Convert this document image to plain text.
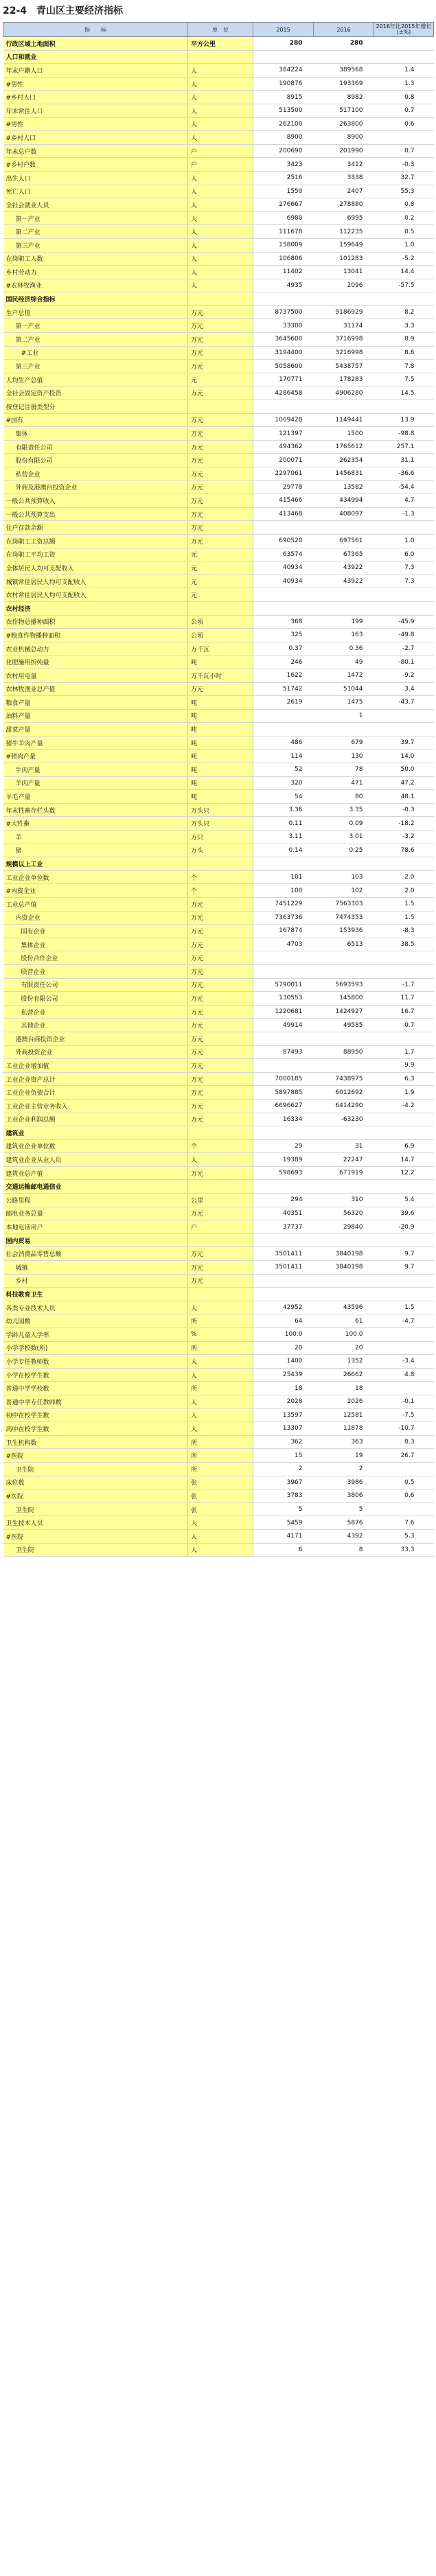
22-4　青山区主要经济指标
指　　标	单　位	2015	2016	2016年比2015年增长(±%)
行政区域土地面积	平方公里	280	280	
人口和就业				
年末户籍人口	人	384224	389568	1.4
#男性	人	190876	193369	1.3
#乡村人口	人	8915	8982	0.8
年末常住人口	人	513500	517100	0.7
#男性	人	262100	263800	0.6
#乡村人口	人	8900	8900	
年末总户数	户	200690	201990	0.7
#乡村户数	户	3423	3412	-0.3
出生人口	人	2516	3338	32.7
死亡人口	人	1550	2407	55.3
全社会就业人员	人	276667	278880	0.8
第一产业	人	6980	6995	0.2
第二产业	人	111678	112235	0.5
第三产业	人	158009	159649	1.0
在岗职工人数	人	106806	101283	-5.2
乡村劳动力	人	11402	13041	14.4
#农林牧渔业	人	4935	2096	-57.5
国民经济综合指标				
生产总值	万元	8737500	9186929	8.2
第一产业	万元	33300	31174	3.3
第二产业	万元	3645600	3716998	8.9
#工业	万元	3194400	3216998	8.6
第三产业	万元	5058600	5438757	7.8
人均生产总值	元	170771	178283	7.5
全社会固定资产投资	万元	4286458	4906280	14.5
按登记注册类型分				
#国有	万元	1009428	1149441	13.9
集体	万元	121397	1500	-98.8
有限责任公司	万元	494362	1765612	257.1
股份有限公司	万元	200071	262354	31.1
私营企业	万元	2297061	1456831	-36.6
外商及港澳台投资企业	万元	29778	13582	-54.4
一般公共预算收入	万元	415466	434994	4.7
一般公共预算支出	万元	413468	408097	-1.3
住户存款余额	万元			
在岗职工工资总额	万元	690520	697561	1.0
在岗职工平均工资	元	63574	67365	6.0
全体居民人均可支配收入	元	40934	43922	7.3
城镇常住居民人均可支配收入	元	40934	43922	7.3
农村常住居民人均可支配收入	元			
农村经济				
农作物总播种面积	公顷	368	199	-45.9
#粮食作物播种面积	公顷	325	163	-49.8
农业机械总动力	万千瓦	0.37	0.36	-2.7
化肥施用折纯量	吨	246	49	-80.1
农村用电量	万千瓦小时	1622	1472	-9.2
农林牧渔业总产值	万元	51742	51044	3.4
粮食产量	吨	2619	1475	-43.7
油料产量	吨		1	
甜菜产量	吨			
猪牛羊肉产量	吨	486	679	39.7
#猪肉产量	吨	114	130	14.0
牛肉产量	吨	52	78	50.0
羊肉产量	吨	320	471	47.2
羊毛产量	吨	54	80	48.1
年末牲畜存栏头数	万头只	3.36	3.35	-0.3
#大牲畜	万头只	0.11	0.09	-18.2
羊	万只	3.11	3.01	-3.2
猪	万头	0.14	0.25	78.6
规模以上工业				
工业企业单位数	个	101	103	2.0
#内资企业	个	100	102	2.0
工业总产值	万元	7451229	7563303	1.5
内资企业	万元	7363736	7474353	1.5
国有企业	万元	167874	153936	-8.3
集体企业	万元	4703	6513	38.5
股份合作企业	万元			
联营企业	万元			
有限责任公司	万元	5790011	5693593	-1.7
股份有限公司	万元	130553	145800	11.7
私营企业	万元	1220681	1424927	16.7
其他企业	万元	49914	49585	-0.7
港澳台商投资企业	万元			
外商投资企业	万元	87493	88950	1.7
工业企业增加值	万元			9.9
工业企业资产总计	万元	7000185	7438975	6.3
工业企业负债合计	万元	5897885	6012692	1.9
工业企业主营业务收入	万元	6696627	6414290	-4.2
工业企业利润总额	万元	16334	-63230	
建筑业				
建筑业企业单位数	个	29	31	6.9
建筑业企业从业人员	人	19389	22247	14.7
建筑业总产值	万元	598693	671919	12.2
交通运输邮电通信业				
公路里程	公里	294	310	5.4
邮电业务总量	万元	40351	56320	39.6
本地电话用户	户	37737	29840	-20.9
国内贸易				
社会消费品零售总额	万元	3501411	3840198	9.7
城镇	万元	3501411	3840198	9.7
乡村	万元			
科技教育卫生				
各类专业技术人员	人	42952	43596	1.5
幼儿园数	所	64	61	-4.7
学龄儿童入学率	%	100.0	100.0	
小学学校数(所)	所	20	20	
小学专任教师数	人	1400	1352	-3.4
小学在校学生数	人	25439	26662	4.8
普通中学学校数	所	18	18	
普通中学专任教师数	人	2028	2026	-0.1
初中在校学生数	人	13597	12581	-7.5
高中在校学生数	人	13307	11878	-10.7
卫生机构数	所	362	363	0.3
#医院	所	15	19	26.7
卫生院	所	2	2	
床位数	张	3967	3986	0.5
#医院	张	3783	3806	0.6
卫生院	张	5	5	
卫生技术人员	人	5459	5876	7.6
#医院	人	4171	4392	5.3
卫生院	人	6	8	33.3
